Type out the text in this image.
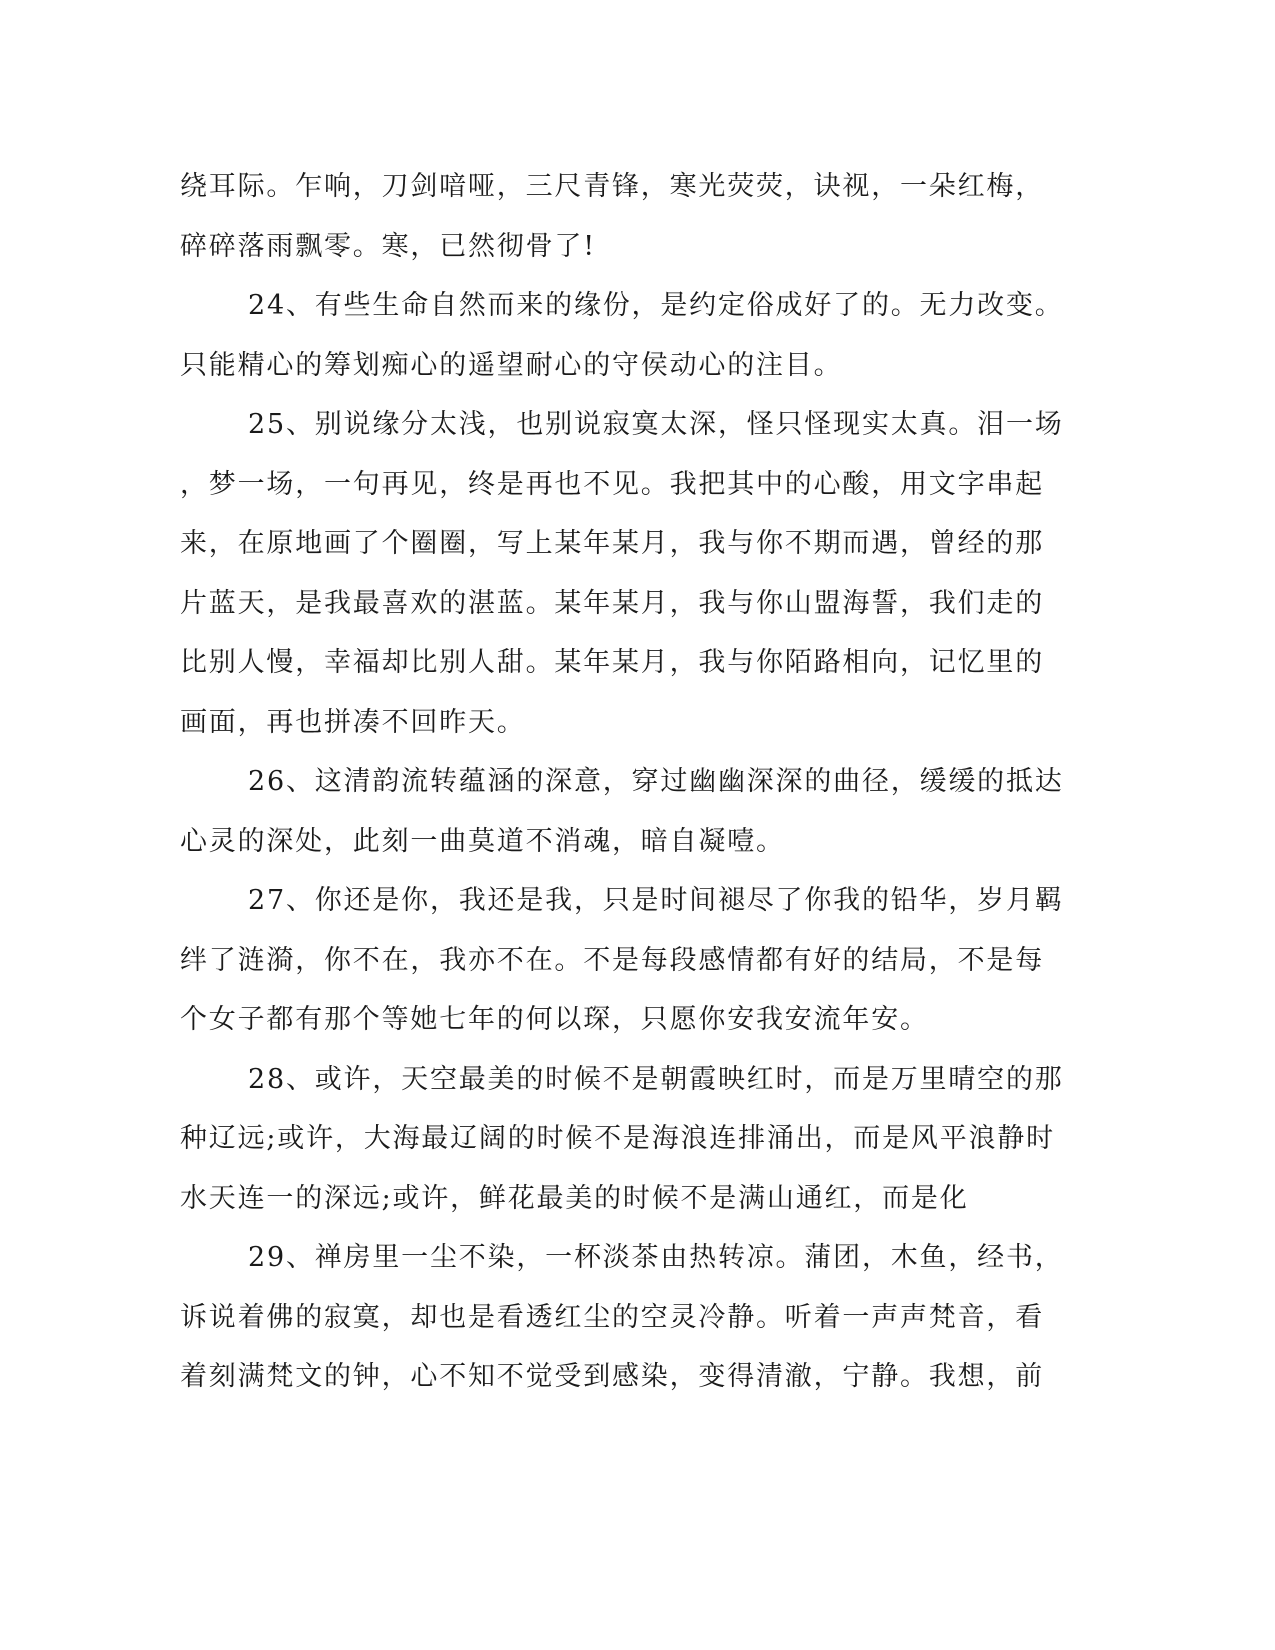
绕耳际。乍响，刀剑喑哑，三尺青锋，寒光荧荧，诀视，一朵红梅，
碎碎落雨飘零。寒，已然彻骨了!
24、有些生命自然而来的缘份，是约定俗成好了的。无力改变。
只能精心的筹划痴心的遥望耐心的守侯动心的注目。
25、别说缘分太浅，也别说寂寞太深，怪只怪现实太真。泪一场
，梦一场，一句再见，终是再也不见。我把其中的心酸，用文字串起
来，在原地画了个圈圈，写上某年某月，我与你不期而遇，曾经的那
片蓝天，是我最喜欢的湛蓝。某年某月，我与你山盟海誓，我们走的
比别人慢，幸福却比别人甜。某年某月，我与你陌路相向，记忆里的
画面，再也拼凑不回昨天。
26、这清韵流转蕴涵的深意，穿过幽幽深深的曲径，缓缓的抵达
心灵的深处，此刻一曲莫道不消魂，暗自凝噎。
27、你还是你，我还是我，只是时间褪尽了你我的铅华，岁月羁
绊了涟漪，你不在，我亦不在。不是每段感情都有好的结局，不是每
个女子都有那个等她七年的何以琛，只愿你安我安流年安。
28、或许，天空最美的时候不是朝霞映红时，而是万里晴空的那
种辽远;或许，大海最辽阔的时候不是海浪连排涌出，而是风平浪静时
水天连一的深远;或许，鲜花最美的时候不是满山通红，而是化
29、禅房里一尘不染，一杯淡茶由热转凉。蒲团，木鱼，经书，
诉说着佛的寂寞，却也是看透红尘的空灵冷静。听着一声声梵音，看
着刻满梵文的钟，心不知不觉受到感染，变得清澈，宁静。我想，前
